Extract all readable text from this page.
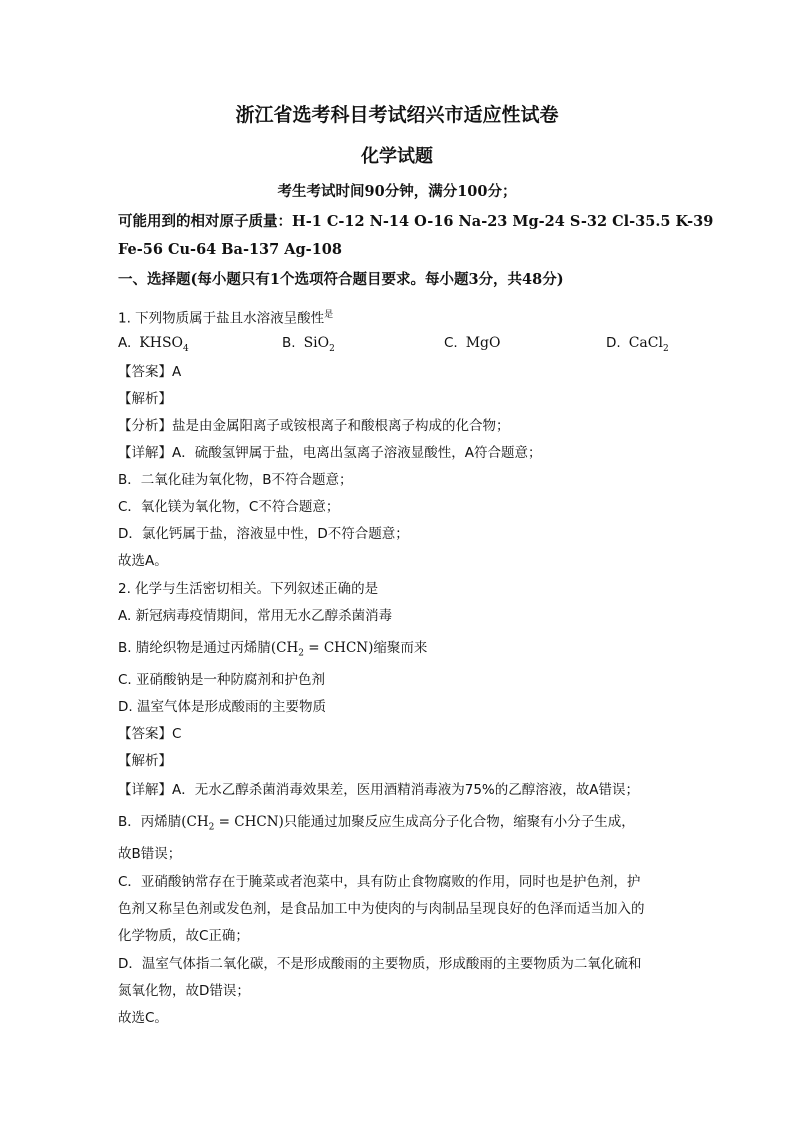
浙江省选考科目考试绍兴市适应性试卷
化学试题
考生考试时间90分钟，满分100分；
可能用到的相对原子质量：H-1 C-12 N-14 O-16 Na-23 Mg-24 S-32 Cl-35.5 K-39
Fe-56 Cu-64 Ba-137 Ag-108
一、选择题(每小题只有1个选项符合题目要求。每小题3分，共48分)
1. 下列物质属于盐且水溶液呈酸性$^是$
A. $KHSO_4$	B. SiO$_2$	C. MgO	D. CaCl$_2$
【答案】A
【解析】
【分析】盐是由金属阳离子或铵根离子和酸根离子构成的化合物；
【详解】A．硫酸氢钾属于盐，电离出氢离子溶液显酸性，A符合题意；
B．二氧化硅为氧化物，B不符合题意；
C．氧化镁为氧化物，C不符合题意；
D．氯化钙属于盐，溶液显中性，D不符合题意；
故选A。
2. 化学与生活密切相关。下列叙述正确的是
A. 新冠病毒疫情期间，常用无水乙醇杀菌消毒
B. 腈纶织物是通过丙烯腈($CH_2$ = CHCN)缩聚而来
C. 亚硝酸钠是一种防腐剂和护色剂
D. 温室气体是形成酸雨的主要物质
【答案】C
【解析】
【详解】A．无水乙醇杀菌消毒效果差，医用酒精消毒液为75%的乙醇溶液，故A错误；
B．丙烯腈($CH_2$ = CHCN)只能通过加聚反应生成高分子化合物，缩聚有小分子生成，
故B错误；
C．亚硝酸钠常存在于腌菜或者泡菜中，具有防止食物腐败的作用，同时也是护色剂，护
色剂又称呈色剂或发色剂，是食品加工中为使肉的与肉制品呈现良好的色泽而适当加入的
化学物质，故C正确；
D．温室气体指二氧化碳，不是形成酸雨的主要物质，形成酸雨的主要物质为二氧化硫和
氮氧化物，故D错误；
故选C。
